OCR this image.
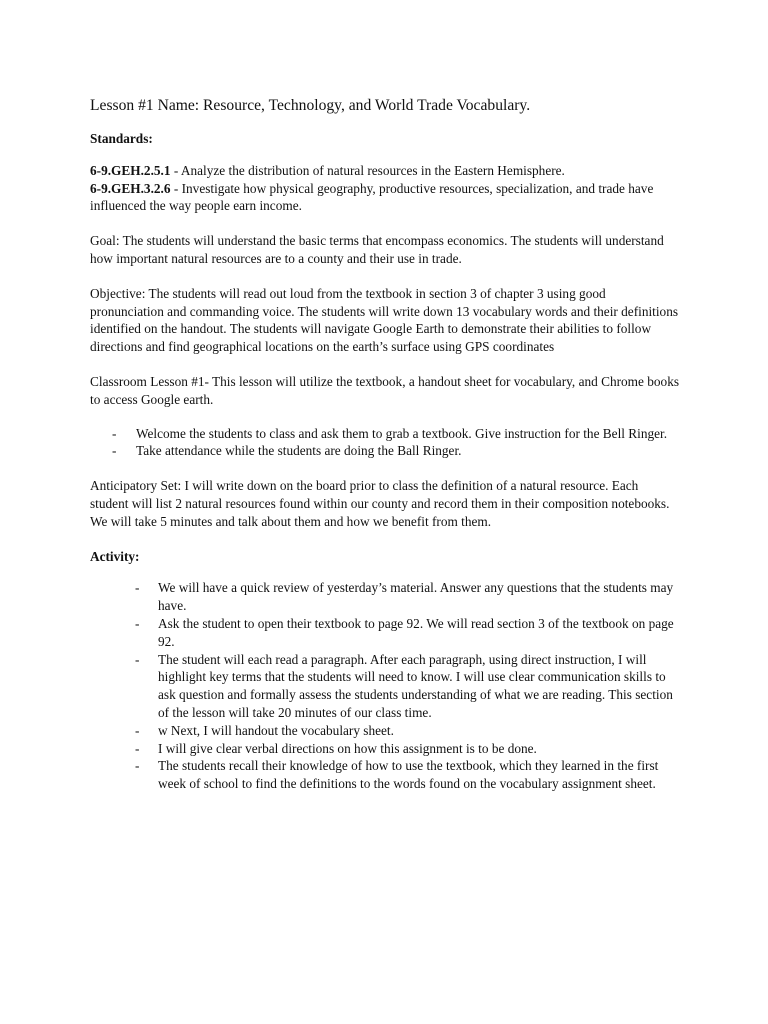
Lesson #1 Name: Resource, Technology, and World Trade Vocabulary.
Standards:

6-9.GEH.2.5.1 - Analyze the distribution of natural resources in the Eastern Hemisphere.
6-9.GEH.3.2.6 - Investigate how physical geography, productive resources, specialization, and trade have influenced the way people earn income.

Goal: The students will understand the basic terms that encompass economics. The students will understand how important natural resources are to a county and their use in trade.

Objective: The students will read out loud from the textbook in section 3 of chapter 3 using good pronunciation and commanding voice. The students will write down 13 vocabulary words and their definitions identified on the handout. The students will navigate Google Earth to demonstrate their abilities to follow directions and find geographical locations on the earth’s surface using GPS coordinates

Classroom Lesson #1- This lesson will utilize the textbook, a handout sheet for vocabulary, and Chrome books to access Google earth.

- Welcome the students to class and ask them to grab a textbook. Give instruction for the Bell Ringer.
- Take attendance while the students are doing the Ball Ringer.

Anticipatory Set: I will write down on the board prior to class the definition of a natural resource. Each student will list 2 natural resources found within our county and record them in their composition notebooks. We will take 5 minutes and talk about them and how we benefit from them.

Activity:
- We will have a quick review of yesterday’s material. Answer any questions that the students may have.
- Ask the student to open their textbook to page 92. We will read section 3 of the textbook on page 92.
- The student will each read a paragraph. After each paragraph, using direct instruction, I will highlight key terms that the students will need to know. I will use clear communication skills to ask question and formally assess the students understanding of what we are reading. This section of the lesson will take 20 minutes of our class time.
- w Next, I will handout the vocabulary sheet.
- I will give clear verbal directions on how this assignment is to be done.
- The students recall their knowledge of how to use the textbook, which they learned in the first week of school to find the definitions to the words found on the vocabulary assignment sheet.
